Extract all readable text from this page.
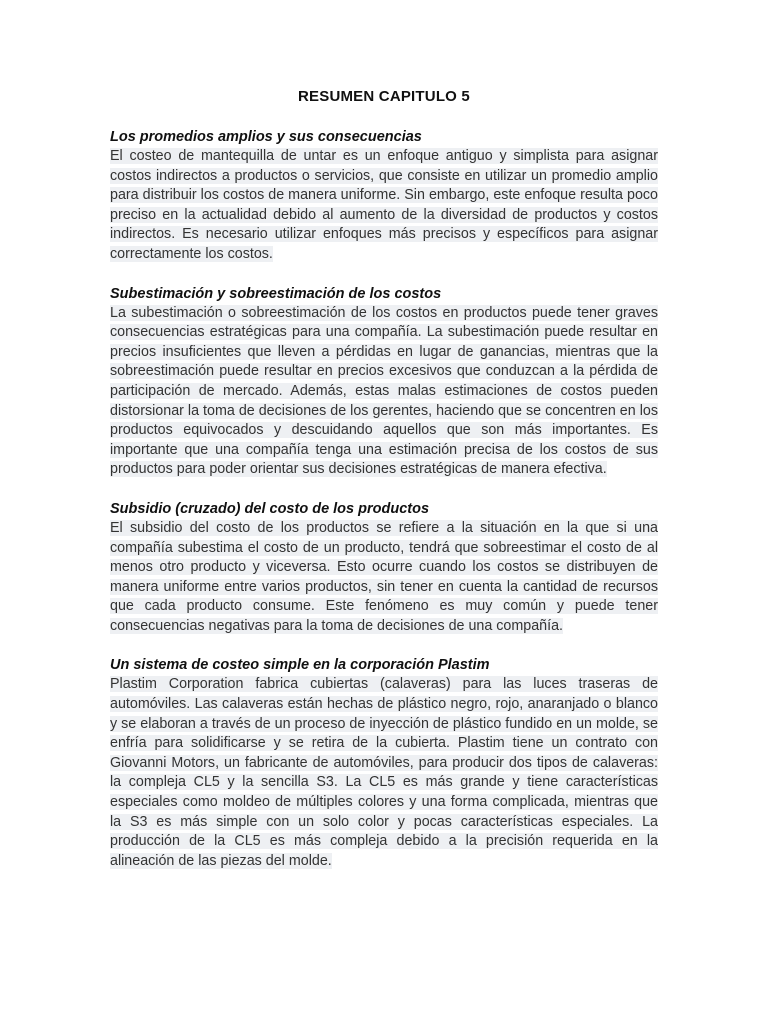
RESUMEN CAPITULO 5
Los promedios amplios y sus consecuencias

El costeo de mantequilla de untar es un enfoque antiguo y simplista para asignar costos indirectos a productos o servicios, que consiste en utilizar un promedio amplio para distribuir los costos de manera uniforme. Sin embargo, este enfoque resulta poco preciso en la actualidad debido al aumento de la diversidad de productos y costos indirectos. Es necesario utilizar enfoques más precisos y específicos para asignar correctamente los costos.

Subestimación y sobreestimación de los costos

La subestimación o sobreestimación de los costos en productos puede tener graves consecuencias estratégicas para una compañía. La subestimación puede resultar en precios insuficientes que lleven a pérdidas en lugar de ganancias, mientras que la sobreestimación puede resultar en precios excesivos que conduzcan a la pérdida de participación de mercado. Además, estas malas estimaciones de costos pueden distorsionar la toma de decisiones de los gerentes, haciendo que se concentren en los productos equivocados y descuidando aquellos que son más importantes. Es importante que una compañía tenga una estimación precisa de los costos de sus productos para poder orientar sus decisiones estratégicas de manera efectiva.

Subsidio (cruzado) del costo de los productos

El subsidio del costo de los productos se refiere a la situación en la que si una compañía subestima el costo de un producto, tendrá que sobreestimar el costo de al menos otro producto y viceversa. Esto ocurre cuando los costos se distribuyen de manera uniforme entre varios productos, sin tener en cuenta la cantidad de recursos que cada producto consume. Este fenómeno es muy común y puede tener consecuencias negativas para la toma de decisiones de una compañía.

Un sistema de costeo simple en la corporación Plastim

Plastim Corporation fabrica cubiertas (calaveras) para las luces traseras de automóviles. Las calaveras están hechas de plástico negro, rojo, anaranjado o blanco y se elaboran a través de un proceso de inyección de plástico fundido en un molde, se enfría para solidificarse y se retira de la cubierta. Plastim tiene un contrato con Giovanni Motors, un fabricante de automóviles, para producir dos tipos de calaveras: la compleja CL5 y la sencilla S3. La CL5 es más grande y tiene características especiales como moldeo de múltiples colores y una forma complicada, mientras que la S3 es más simple con un solo color y pocas características especiales. La producción de la CL5 es más compleja debido a la precisión requerida en la alineación de las piezas del molde.
